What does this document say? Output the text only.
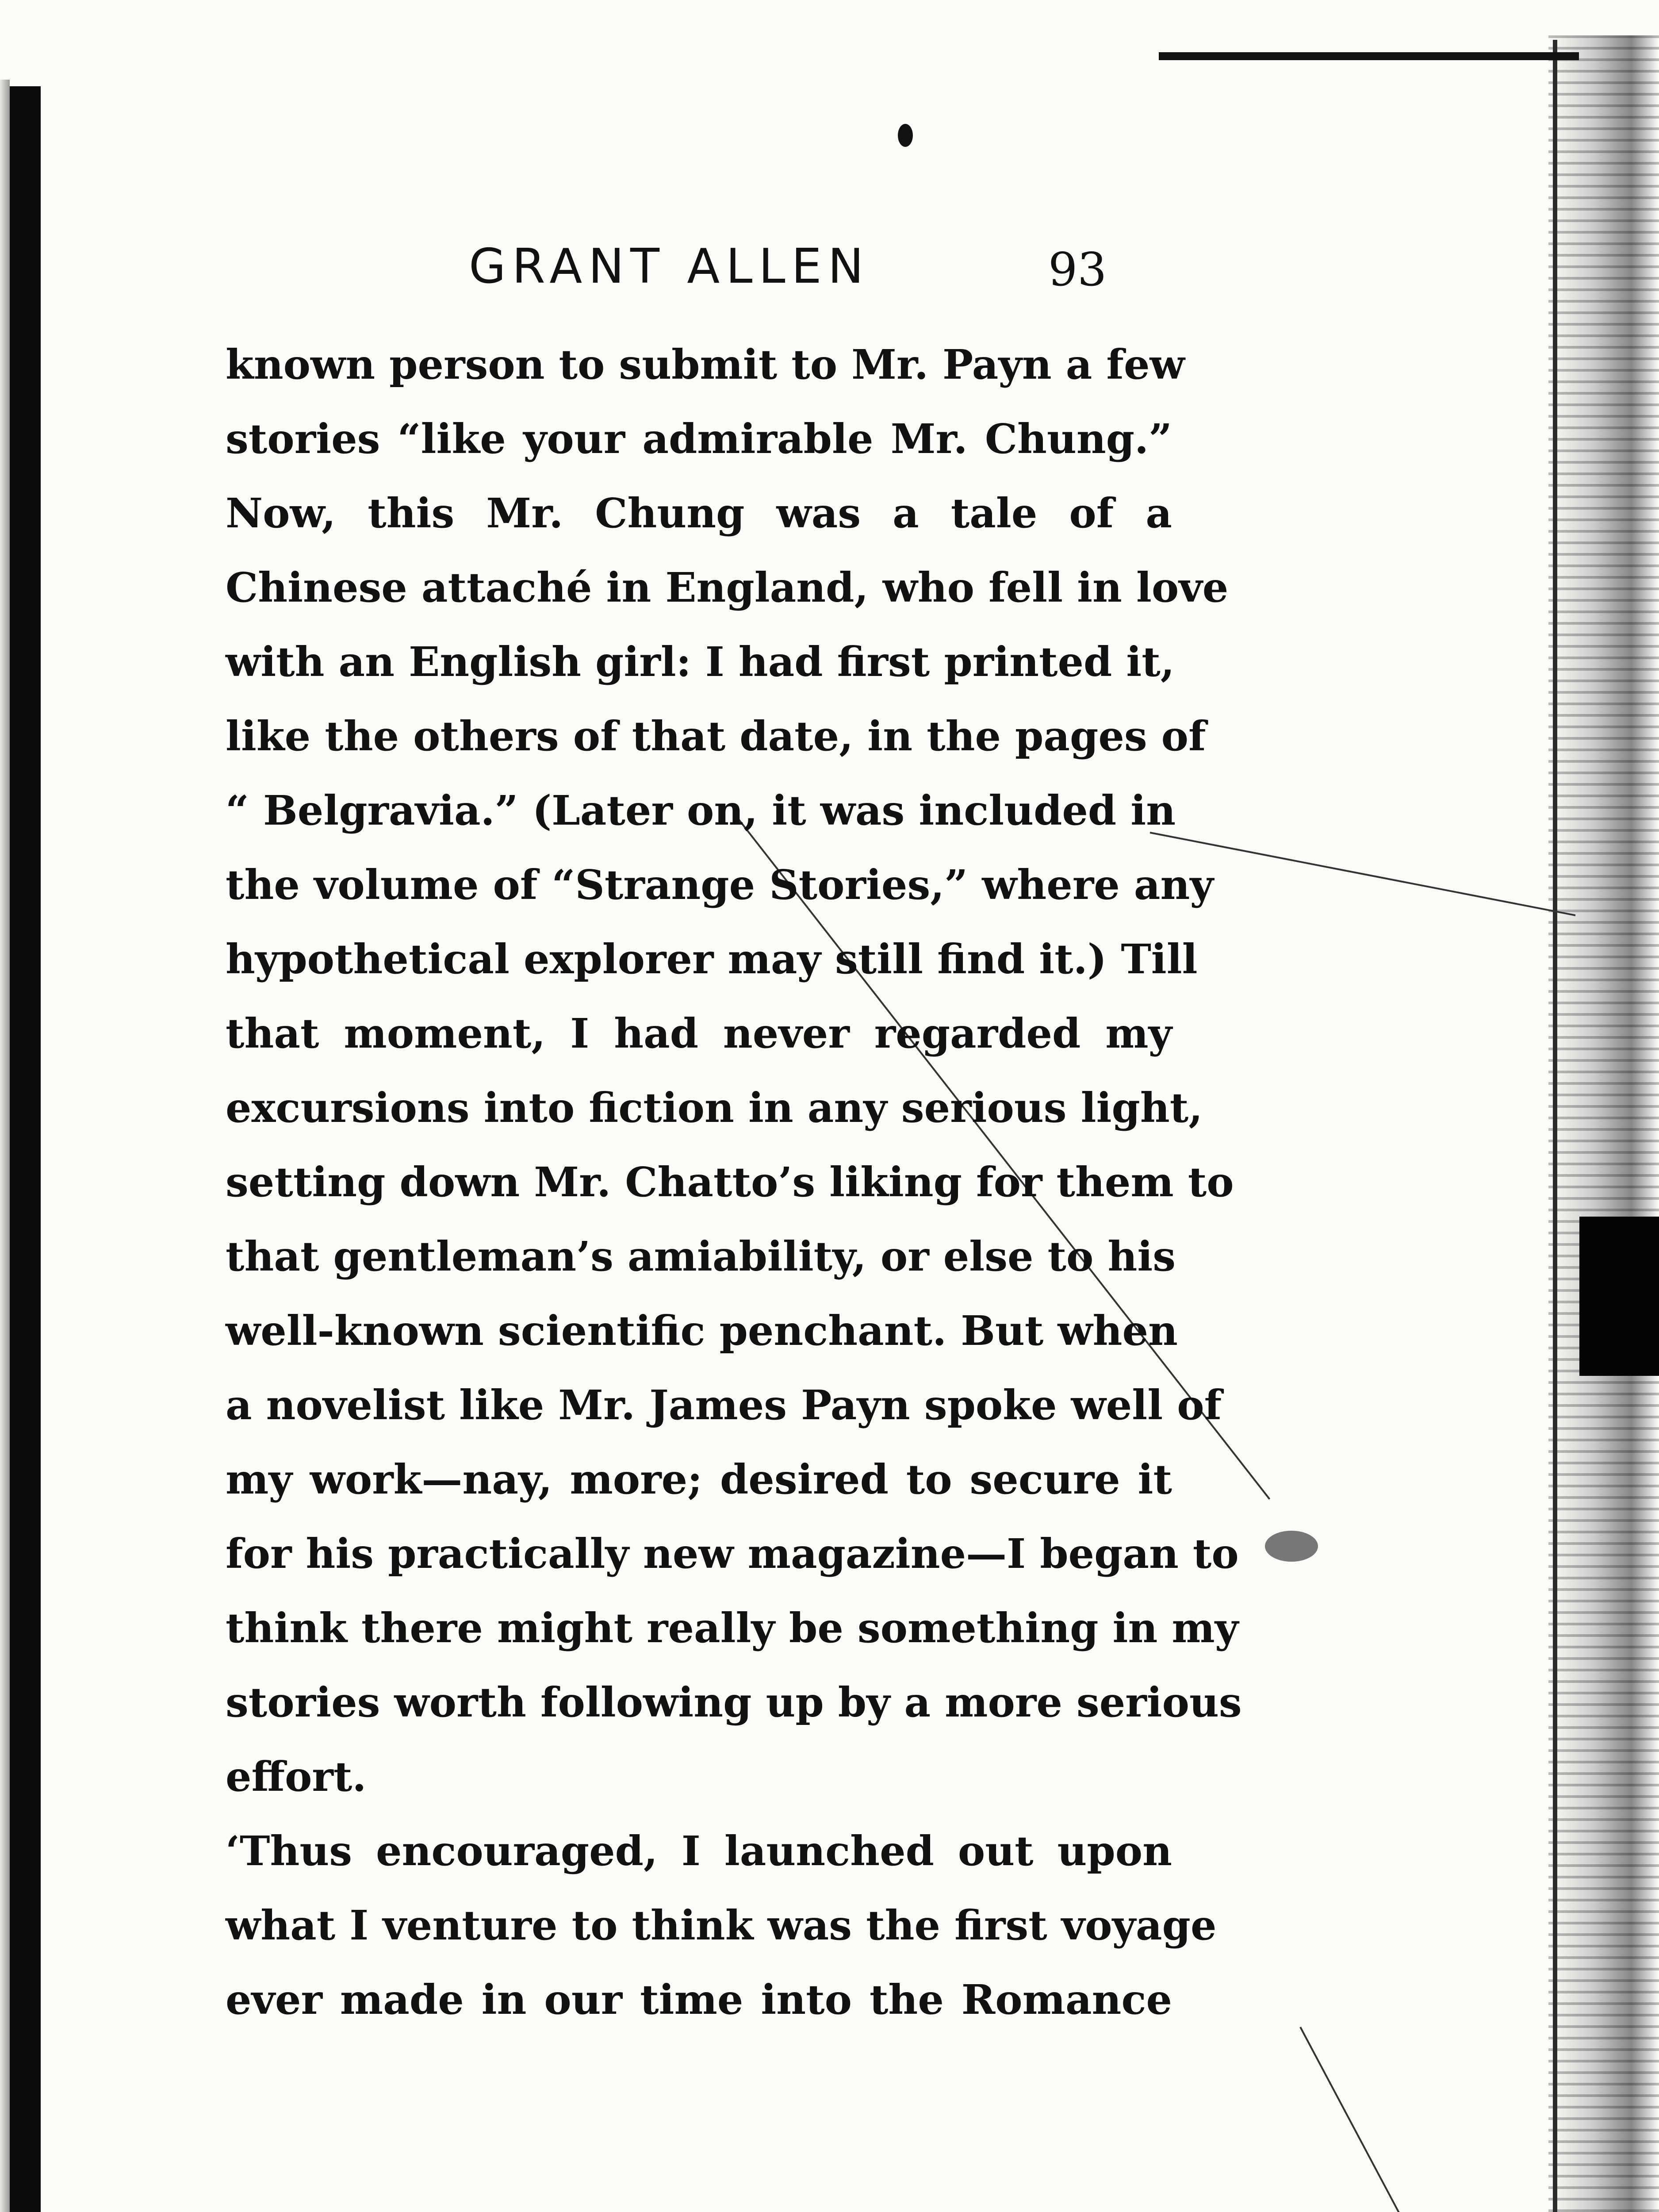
GRANT ALLEN	93
known person to submit to Mr. Payn a few
stories “like your admirable Mr. Chung.”
Now, this Mr. Chung was a tale of a
Chinese attaché in England, who fell in love
with an English girl: I had first printed it,
like the others of that date, in the pages of
“ Belgravia.” (Later on, it was included in
the volume of “Strange Stories,” where any
hypothetical explorer may still find it.) Till
that moment, I had never regarded my
excursions into fiction in any serious light,
setting down Mr. Chatto’s liking for them to
that gentleman’s amiability, or else to his
well-known scientific penchant. But when
a novelist like Mr. James Payn spoke well of
my work—nay, more; desired to secure it
for his practically new magazine—I began to
think there might really be something in my
stories worth following up by a more serious
effort.
‘Thus encouraged, I launched out upon
what I venture to think was the first voyage
ever made in our time into the Romance
